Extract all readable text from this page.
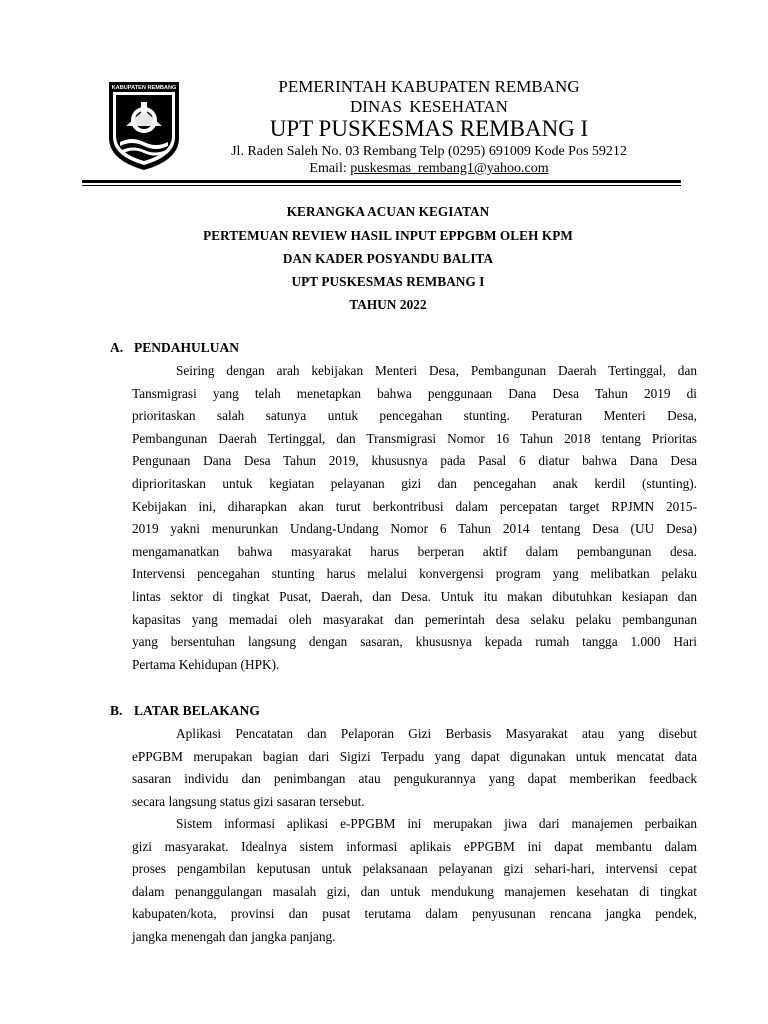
KABUPATEN REMBANG	PEMERINTAH KABUPATEN REMBANG
DINAS KESEHATAN
UPT PUSKESMAS REMBANG I
Jl. Raden Saleh No. 03 Rembang Telp (0295) 691009 Kode Pos 59212
Email: puskesmas_rembang1@yahoo.com
KERANGKA ACUAN KEGIATAN
PERTEMUAN REVIEW HASIL INPUT EPPGBM OLEH KPM
DAN KADER POSYANDU BALITA
UPT PUSKESMAS REMBANG I
TAHUN 2022
A. PENDAHULUAN
Seiring dengan arah kebijakan Menteri Desa, Pembangunan Daerah Tertinggal, dan
Tansmigrasi yang telah menetapkan bahwa penggunaan Dana Desa Tahun 2019 di
prioritaskan salah satunya untuk pencegahan stunting. Peraturan Menteri Desa,
Pembangunan Daerah Tertinggal, dan Transmigrasi Nomor 16 Tahun 2018 tentang Prioritas
Pengunaan Dana Desa Tahun 2019, khususnya pada Pasal 6 diatur bahwa Dana Desa
diprioritaskan untuk kegiatan pelayanan gizi dan pencegahan anak kerdil (stunting).
Kebijakan ini, diharapkan akan turut berkontribusi dalam percepatan target RPJMN 2015-
2019 yakni menurunkan Undang-Undang Nomor 6 Tahun 2014 tentang Desa (UU Desa)
mengamanatkan bahwa masyarakat harus berperan aktif dalam pembangunan desa.
Intervensi pencegahan stunting harus melalui konvergensi program yang melibatkan pelaku
lintas sektor di tingkat Pusat, Daerah, dan Desa. Untuk itu makan dibutuhkan kesiapan dan
kapasitas yang memadai oleh masyarakat dan pemerintah desa selaku pelaku pembangunan
yang bersentuhan langsung dengan sasaran, khususnya kepada rumah tangga 1.000 Hari
Pertama Kehidupan (HPK).
B. LATAR BELAKANG
Aplikasi Pencatatan dan Pelaporan Gizi Berbasis Masyarakat atau yang disebut
ePPGBM merupakan bagian dari Sigizi Terpadu yang dapat digunakan untuk mencatat data
sasaran individu dan penimbangan atau pengukurannya yang dapat memberikan feedback
secara langsung status gizi sasaran tersebut.
Sistem informasi aplikasi e-PPGBM ini merupakan jiwa dari manajemen perbaikan
gizi masyarakat. Idealnya sistem informasi aplikais ePPGBM ini dapat membantu dalam
proses pengambilan keputusan untuk pelaksanaan pelayanan gizi sehari-hari, intervensi cepat
dalam penanggulangan masalah gizi, dan untuk mendukung manajemen kesehatan di tingkat
kabupaten/kota, provinsi dan pusat terutama dalam penyusunan rencana jangka pendek,
jangka menengah dan jangka panjang.
